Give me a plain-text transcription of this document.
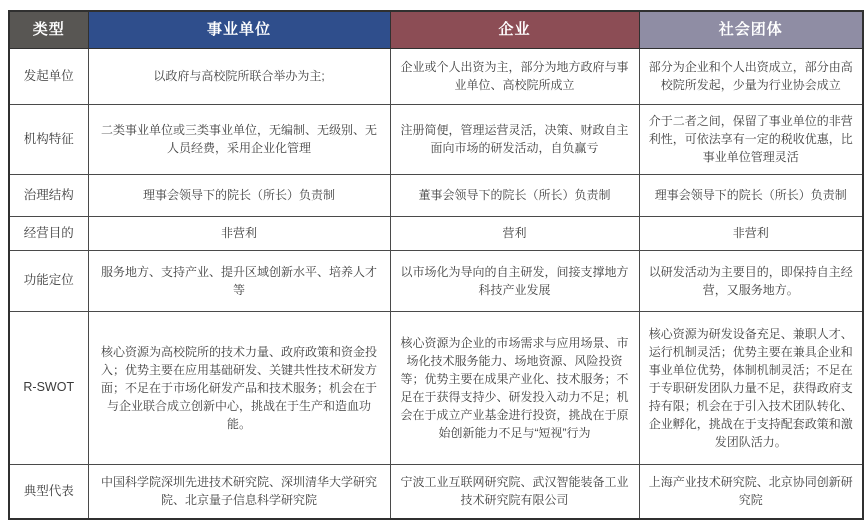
类型	事业单位	企业	社会团体
发起单位	以政府与高校院所联合举办为主;	企业或个人出资为主，部分为地方政府与事业单位、高校院所成立	部分为企业和个人出资成立，部分由高校院所发起，少量为行业协会成立
机构特征	二类事业单位或三类事业单位，无编制、无级别、无人员经费，采用企业化管理	注册简便，管理运营灵活，决策、财政自主面向市场的研发活动，自负赢亏	介于二者之间，保留了事业单位的非营利性，可依法享有一定的税收优惠，比事业单位管理灵活
治理结构	理事会领导下的院长（所长）负责制	董事会领导下的院长（所长）负责制	理事会领导下的院长（所长）负责制
经营目的	非营利	营利	非营利
功能定位	服务地方、支持产业、提升区域创新水平、培养人才等	以市场化为导向的自主研发，间接支撑地方科技产业发展	以研发活动为主要目的，即保持自主经营，又服务地方。
R-SWOT	核心资源为高校院所的技术力量、政府政策和资金投入；优势主要在应用基础研发、关键共性技术研发方面；不足在于市场化研发产品和技术服务；机会在于与企业联合成立创新中心，挑战在于生产和造血功能。	核心资源为企业的市场需求与应用场景、市场化技术服务能力、场地资源、风险投资等；优势主要在成果产业化、技术服务；不足在于获得支持少、研发投入动力不足；机会在于成立产业基金进行投资，挑战在于原始创新能力不足与“短视”行为	核心资源为研发设备充足、兼职人才、运行机制灵活；优势主要在兼具企业和事业单位优势，体制机制灵活；不足在于专职研发团队力量不足，获得政府支持有限；机会在于引入技术团队转化、企业孵化，挑战在于支持配套政策和激发团队活力。
典型代表	中国科学院深圳先进技术研究院、深圳清华大学研究院、北京量子信息科学研究院	宁波工业互联网研究院、武汉智能装备工业技术研究院有限公司	上海产业技术研究院、北京协同创新研究院
